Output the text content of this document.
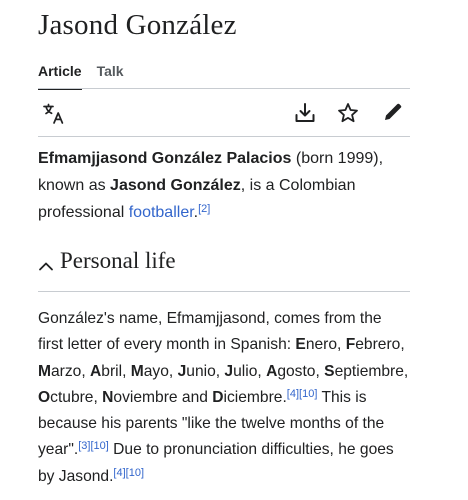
Jasond González
Article Talk

Efmamjjasond González Palacios (born 1999), known as Jasond González, is a Colombian professional footballer.[2]

Personal life

González's name, Efmamjjasond, comes from the first letter of every month in Spanish: Enero, Febrero, Marzo, Abril, Mayo, Junio, Julio, Agosto, Septiembre, Octubre, Noviembre and Diciembre.[4][10] This is because his parents "like the twelve months of the year".[3][10] Due to pronunciation difficulties, he goes by Jasond.[4][10]
